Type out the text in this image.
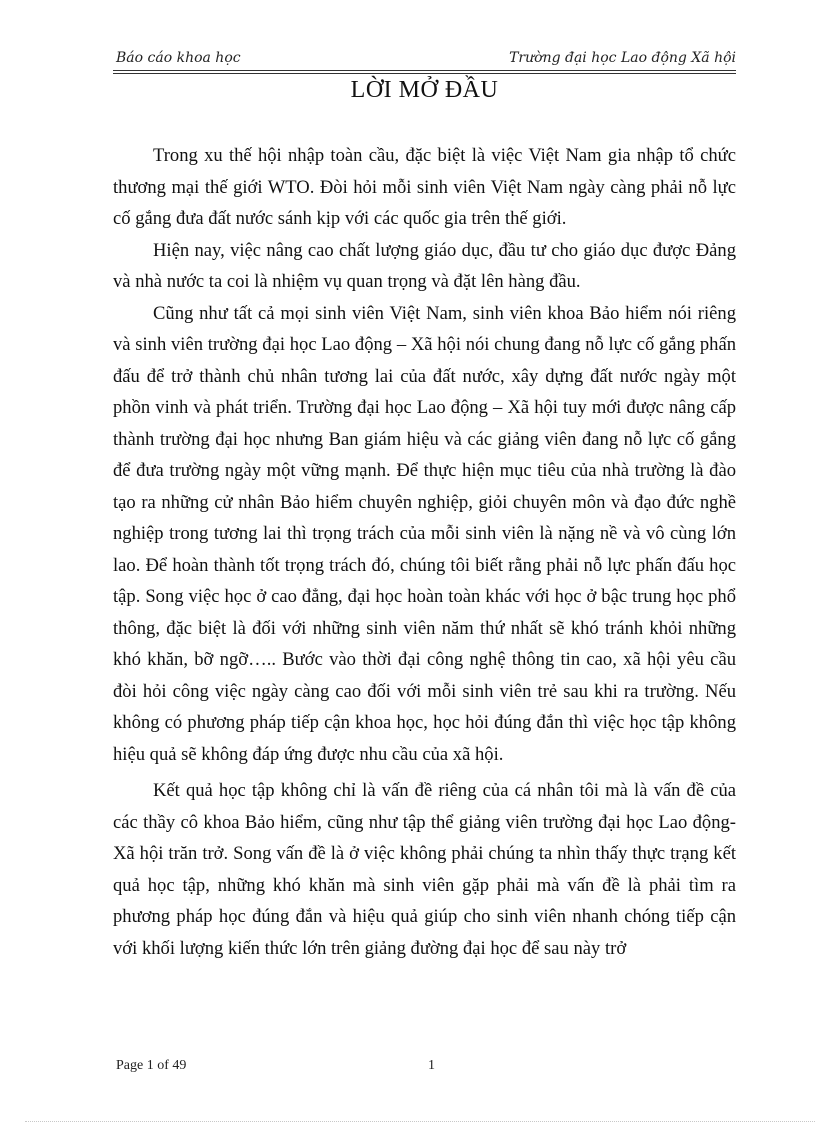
Báo cáo khoa học	Trường đại học Lao động Xã hội
LỜI MỞ ĐẦU

Trong xu thế hội nhập toàn cầu, đặc biệt là việc Việt Nam gia nhập tổ chức thương mại thế giới WTO. Đòi hỏi mỗi sinh viên Việt Nam ngày càng phải nỗ lực cố gắng đưa đất nước sánh kịp với các quốc gia trên thế giới.

Hiện nay, việc nâng cao chất lượng giáo dục, đầu tư cho giáo dục được Đảng và nhà nước ta coi là nhiệm vụ quan trọng và đặt lên hàng đầu.

Cũng như tất cả mọi sinh viên Việt Nam, sinh viên khoa Bảo hiểm nói riêng và sinh viên trường đại học Lao động – Xã hội nói chung đang nỗ lực cố gắng phấn đấu để trở thành chủ nhân tương lai của đất nước, xây dựng đất nước ngày một phồn vinh và phát triển. Trường đại học Lao động – Xã hội tuy mới được nâng cấp thành trường đại học nhưng Ban giám hiệu và các giảng viên đang nỗ lực cố gắng để đưa trường ngày một vững mạnh. Để thực hiện mục tiêu của nhà trường là đào tạo ra những cử nhân Bảo hiểm chuyên nghiệp, giỏi chuyên môn và đạo đức nghề nghiệp trong tương lai thì trọng trách của mỗi sinh viên là nặng nề và vô cùng lớn lao. Để hoàn thành tốt trọng trách đó, chúng tôi biết rằng phải nỗ lực phấn đấu học tập. Song việc học ở cao đẳng, đại học hoàn toàn khác với học ở bậc trung học phổ thông, đặc biệt là đối với những sinh viên năm thứ nhất sẽ khó tránh khỏi những khó khăn, bỡ ngỡ….. Bước vào thời đại công nghệ thông tin cao, xã hội yêu cầu đòi hỏi công việc ngày càng cao đối với mỗi sinh viên trẻ sau khi ra trường. Nếu không có phương pháp tiếp cận khoa học, học hỏi đúng đắn thì việc học tập không hiệu quả sẽ không đáp ứng được nhu cầu của xã hội.

Kết quả học tập không chỉ là vấn đề riêng của cá nhân tôi mà là vấn đề của các thầy cô khoa Bảo hiểm, cũng như tập thể giảng viên trường đại học Lao động- Xã hội trăn trở. Song vấn đề là ở việc không phải chúng ta nhìn thấy thực trạng kết quả học tập, những khó khăn mà sinh viên gặp phải mà vấn đề là phải tìm ra phương pháp học đúng đắn và hiệu quả giúp cho sinh viên nhanh chóng tiếp cận với khối lượng kiến thức lớn trên giảng đường đại học để sau này trở

Page 1 of 49	1
